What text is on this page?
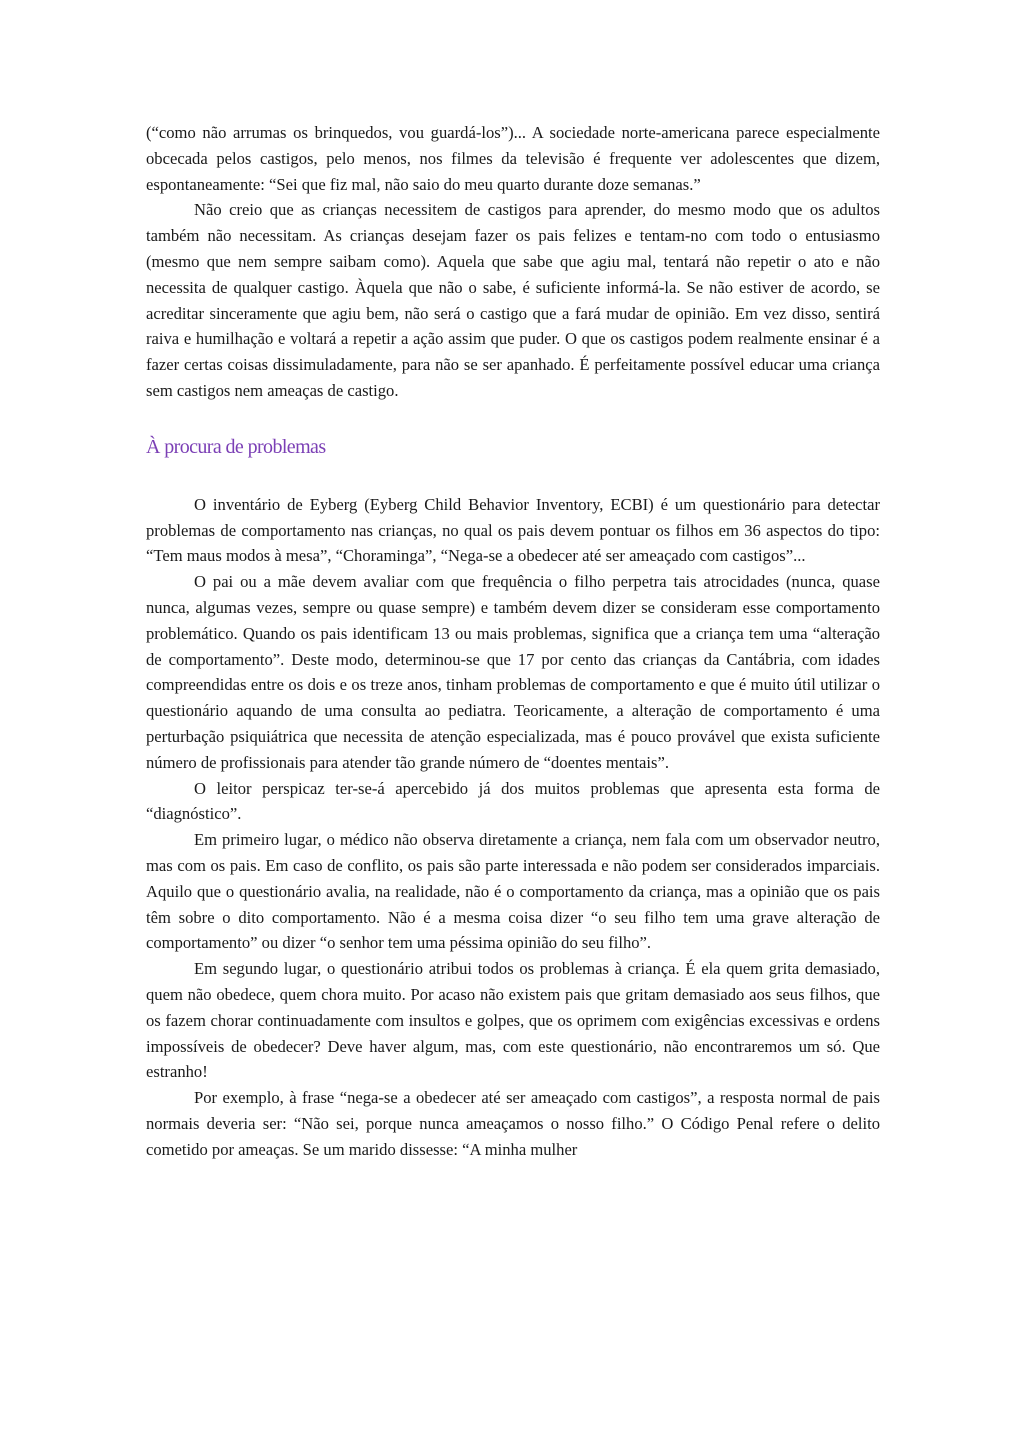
(“como não arrumas os brinquedos, vou guardá-los”)... A sociedade norte-americana parece especialmente obcecada pelos castigos, pelo menos, nos filmes da televisão é frequente ver adolescentes que dizem, espontaneamente: “Sei que fiz mal, não saio do meu quarto durante doze semanas.”

Não creio que as crianças necessitem de castigos para aprender, do mesmo modo que os adultos também não necessitam. As crianças desejam fazer os pais felizes e tentam-no com todo o entusiasmo (mesmo que nem sempre saibam como). Aquela que sabe que agiu mal, tentará não repetir o ato e não necessita de qualquer castigo. Àquela que não o sabe, é suficiente informá-la. Se não estiver de acordo, se acreditar sinceramente que agiu bem, não será o castigo que a fará mudar de opinião. Em vez disso, sentirá raiva e humilhação e voltará a repetir a ação assim que puder. O que os castigos podem realmente ensinar é a fazer certas coisas dissimuladamente, para não se ser apanhado. É perfeitamente possível educar uma criança sem castigos nem ameaças de castigo.

À procura de problemas

O inventário de Eyberg (Eyberg Child Behavior Inventory, ECBI) é um questionário para detectar problemas de comportamento nas crianças, no qual os pais devem pontuar os filhos em 36 aspectos do tipo: “Tem maus modos à mesa”, “Choraminga”, “Nega-se a obedecer até ser ameaçado com castigos”...

O pai ou a mãe devem avaliar com que frequência o filho perpetra tais atrocidades (nunca, quase nunca, algumas vezes, sempre ou quase sempre) e também devem dizer se consideram esse comportamento problemático. Quando os pais identificam 13 ou mais problemas, significa que a criança tem uma “alteração de comportamento”. Deste modo, determinou-se que 17 por cento das crianças da Cantábria, com idades compreendidas entre os dois e os treze anos, tinham problemas de comportamento e que é muito útil utilizar o questionário aquando de uma consulta ao pediatra. Teoricamente, a alteração de comportamento é uma perturbação psiquiátrica que necessita de atenção especializada, mas é pouco provável que exista suficiente número de profissionais para atender tão grande número de “doentes mentais”.

O leitor perspicaz ter-se-á apercebido já dos muitos problemas que apresenta esta forma de “diagnóstico”.

Em primeiro lugar, o médico não observa diretamente a criança, nem fala com um observador neutro, mas com os pais. Em caso de conflito, os pais são parte interessada e não podem ser considerados imparciais. Aquilo que o questionário avalia, na realidade, não é o comportamento da criança, mas a opinião que os pais têm sobre o dito comportamento. Não é a mesma coisa dizer “o seu filho tem uma grave alteração de comportamento” ou dizer “o senhor tem uma péssima opinião do seu filho”.

Em segundo lugar, o questionário atribui todos os problemas à criança. É ela quem grita demasiado, quem não obedece, quem chora muito. Por acaso não existem pais que gritam demasiado aos seus filhos, que os fazem chorar continuadamente com insultos e golpes, que os oprimem com exigências excessivas e ordens impossíveis de obedecer? Deve haver algum, mas, com este questionário, não encontraremos um só. Que estranho!

Por exemplo, à frase “nega-se a obedecer até ser ameaçado com castigos”, a resposta normal de pais normais deveria ser: “Não sei, porque nunca ameaçamos o nosso filho.” O Código Penal refere o delito cometido por ameaças. Se um marido dissesse: “A minha mulher
